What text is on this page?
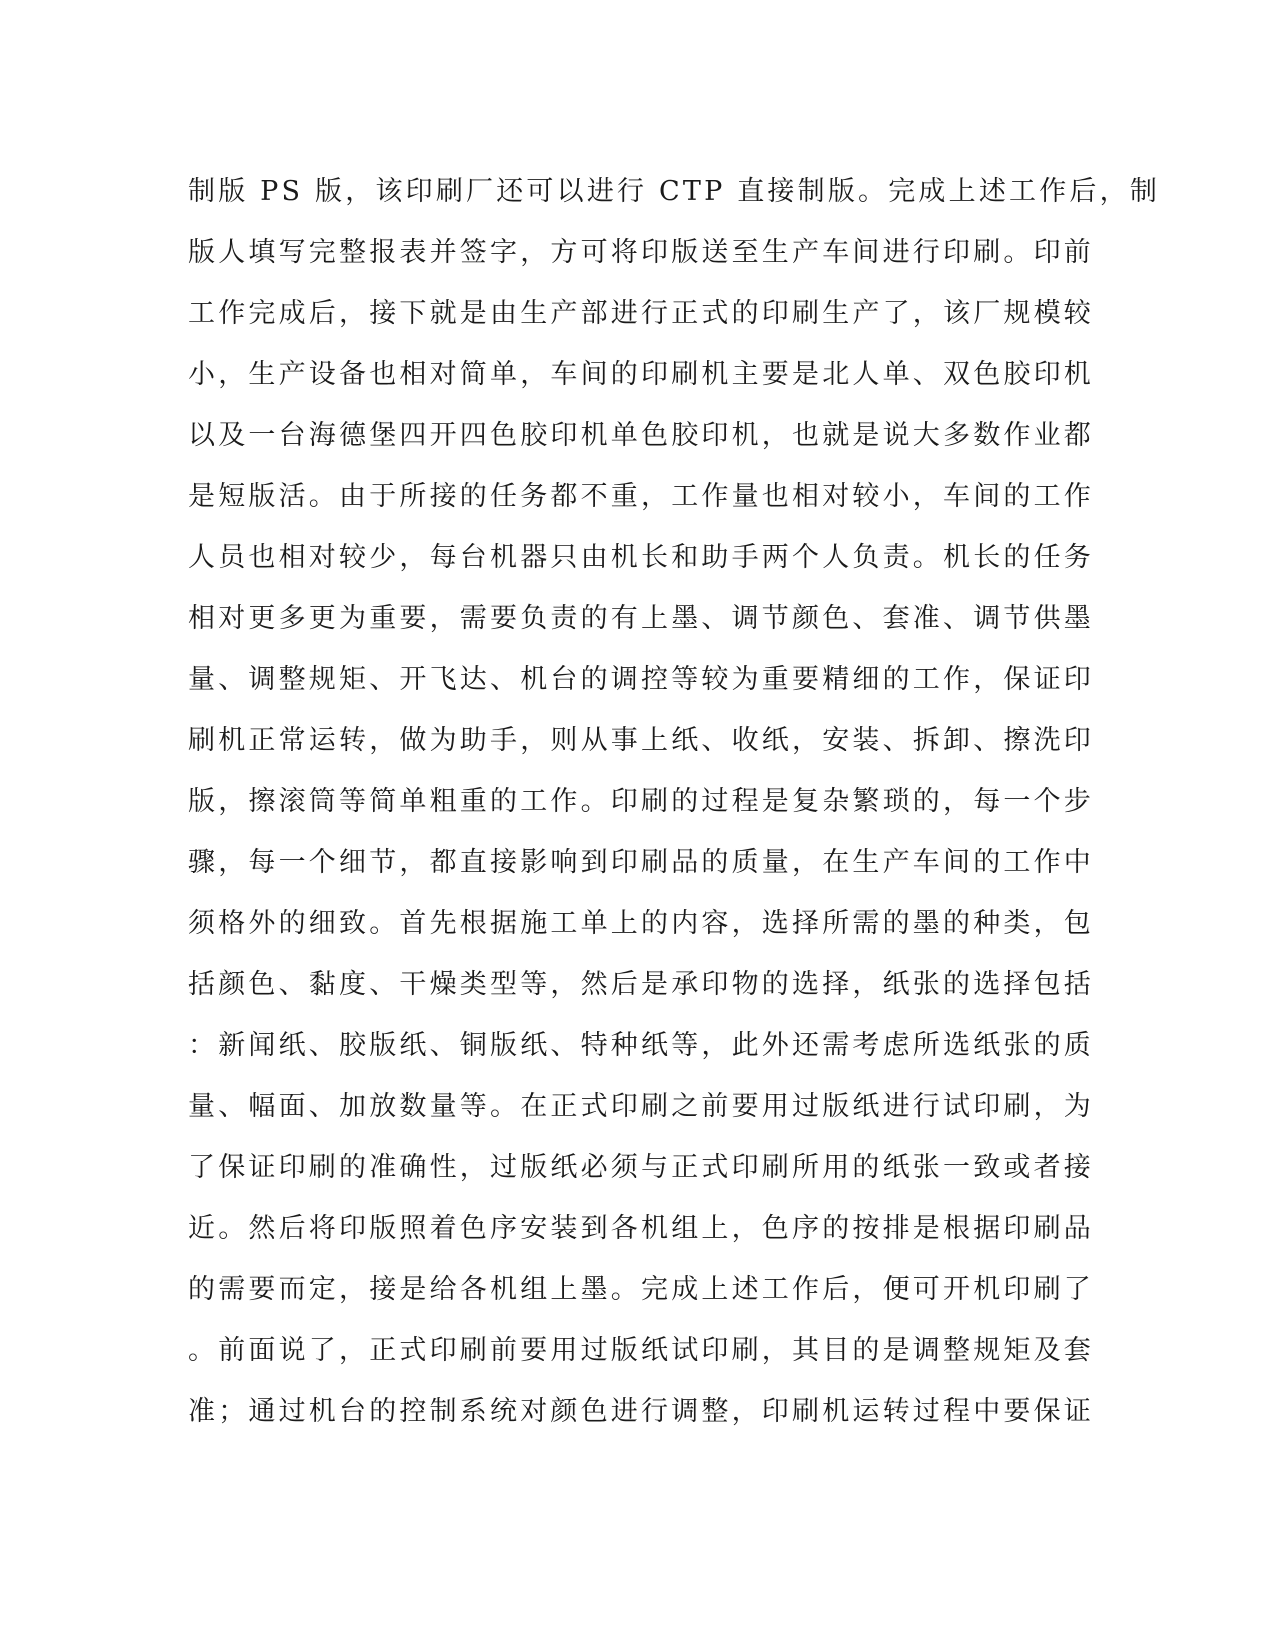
制版 PS 版，该印刷厂还可以进行 CTP 直接制版。完成上述工作后，制
版人填写完整报表并签字，方可将印版送至生产车间进行印刷。印前
工作完成后，接下就是由生产部进行正式的印刷生产了，该厂规模较
小，生产设备也相对简单，车间的印刷机主要是北人单、双色胶印机
以及一台海德堡四开四色胶印机单色胶印机，也就是说大多数作业都
是短版活。由于所接的任务都不重，工作量也相对较小，车间的工作
人员也相对较少，每台机器只由机长和助手两个人负责。机长的任务
相对更多更为重要，需要负责的有上墨、调节颜色、套准、调节供墨
量、调整规矩、开飞达、机台的调控等较为重要精细的工作，保证印
刷机正常运转，做为助手，则从事上纸、收纸，安装、拆卸、擦洗印
版，擦滚筒等简单粗重的工作。印刷的过程是复杂繁琐的，每一个步
骤，每一个细节，都直接影响到印刷品的质量，在生产车间的工作中
须格外的细致。首先根据施工单上的内容，选择所需的墨的种类，包
括颜色、黏度、干燥类型等，然后是承印物的选择，纸张的选择包括
：新闻纸、胶版纸、铜版纸、特种纸等，此外还需考虑所选纸张的质
量、幅面、加放数量等。在正式印刷之前要用过版纸进行试印刷，为
了保证印刷的准确性，过版纸必须与正式印刷所用的纸张一致或者接
近。然后将印版照着色序安装到各机组上，色序的按排是根据印刷品
的需要而定，接是给各机组上墨。完成上述工作后，便可开机印刷了
。前面说了，正式印刷前要用过版纸试印刷，其目的是调整规矩及套
准；通过机台的控制系统对颜色进行调整，印刷机运转过程中要保证
